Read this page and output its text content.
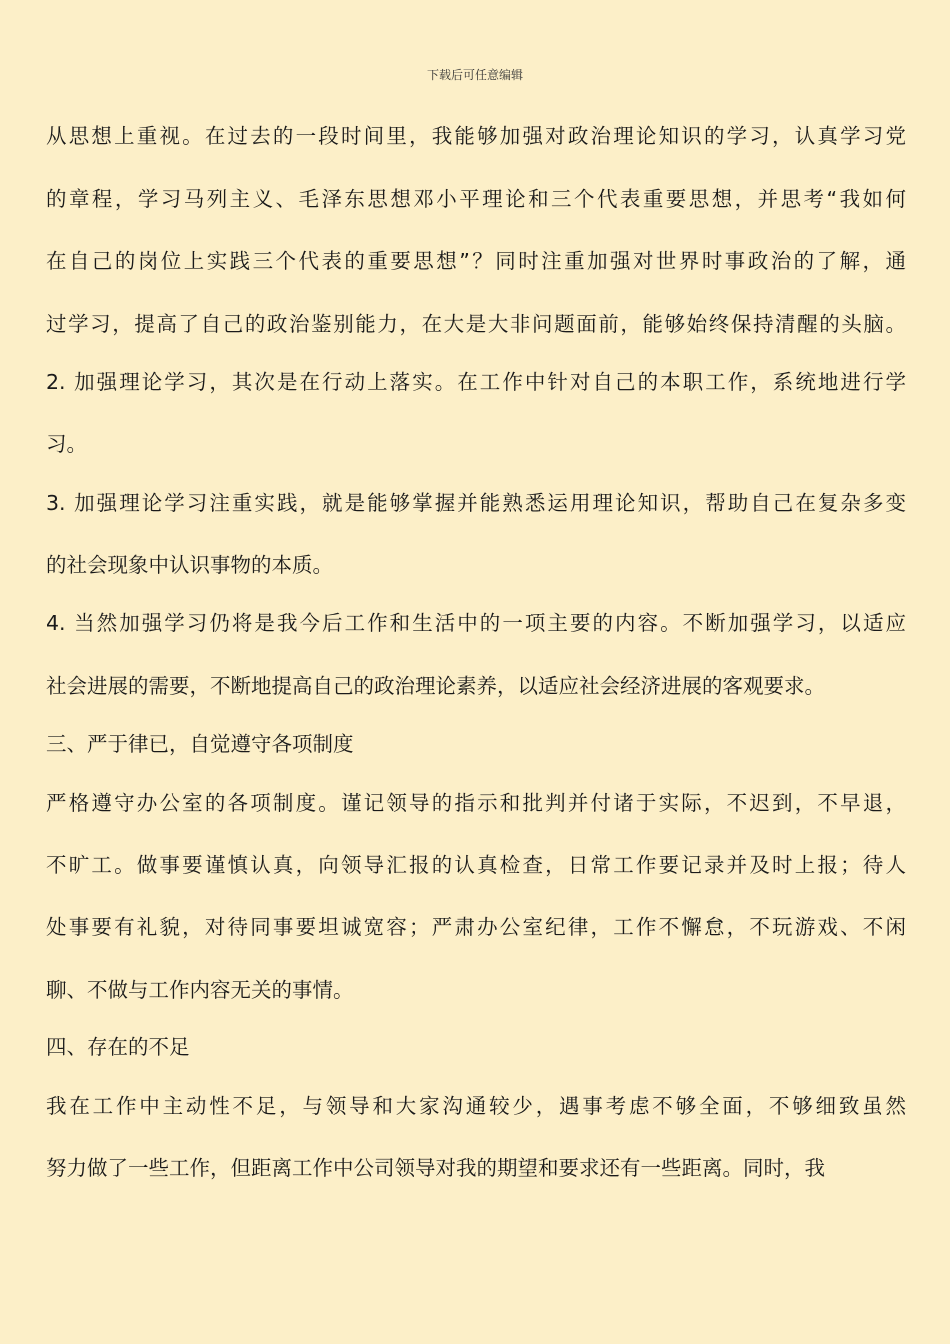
下载后可任意编辑
从思想上重视。在过去的一段时间里，我能够加强对政治理论知识的学习，认真学习党
的章程，学习马列主义、毛泽东思想邓小平理论和三个代表重要思想，并思考“我如何
在自己的岗位上实践三个代表的重要思想”？同时注重加强对世界时事政治的了解，通
过学习，提高了自己的政治鉴别能力，在大是大非问题面前，能够始终保持清醒的头脑。
2. 加强理论学习，其次是在行动上落实。在工作中针对自己的本职工作，系统地进行学
习。
3. 加强理论学习注重实践，就是能够掌握并能熟悉运用理论知识，帮助自己在复杂多变
的社会现象中认识事物的本质。
4. 当然加强学习仍将是我今后工作和生活中的一项主要的内容。不断加强学习，以适应
社会进展的需要，不断地提高自己的政治理论素养，以适应社会经济进展的客观要求。
三、严于律已，自觉遵守各项制度
严格遵守办公室的各项制度。谨记领导的指示和批判并付诸于实际，不迟到，不早退，
不旷工。做事要谨慎认真，向领导汇报的认真检查，日常工作要记录并及时上报；待人
处事要有礼貌，对待同事要坦诚宽容；严肃办公室纪律，工作不懈怠，不玩游戏、不闲
聊、不做与工作内容无关的事情。
四、存在的不足
我在工作中主动性不足，与领导和大家沟通较少，遇事考虑不够全面，不够细致虽然
努力做了一些工作，但距离工作中公司领导对我的期望和要求还有一些距离。同时，我
